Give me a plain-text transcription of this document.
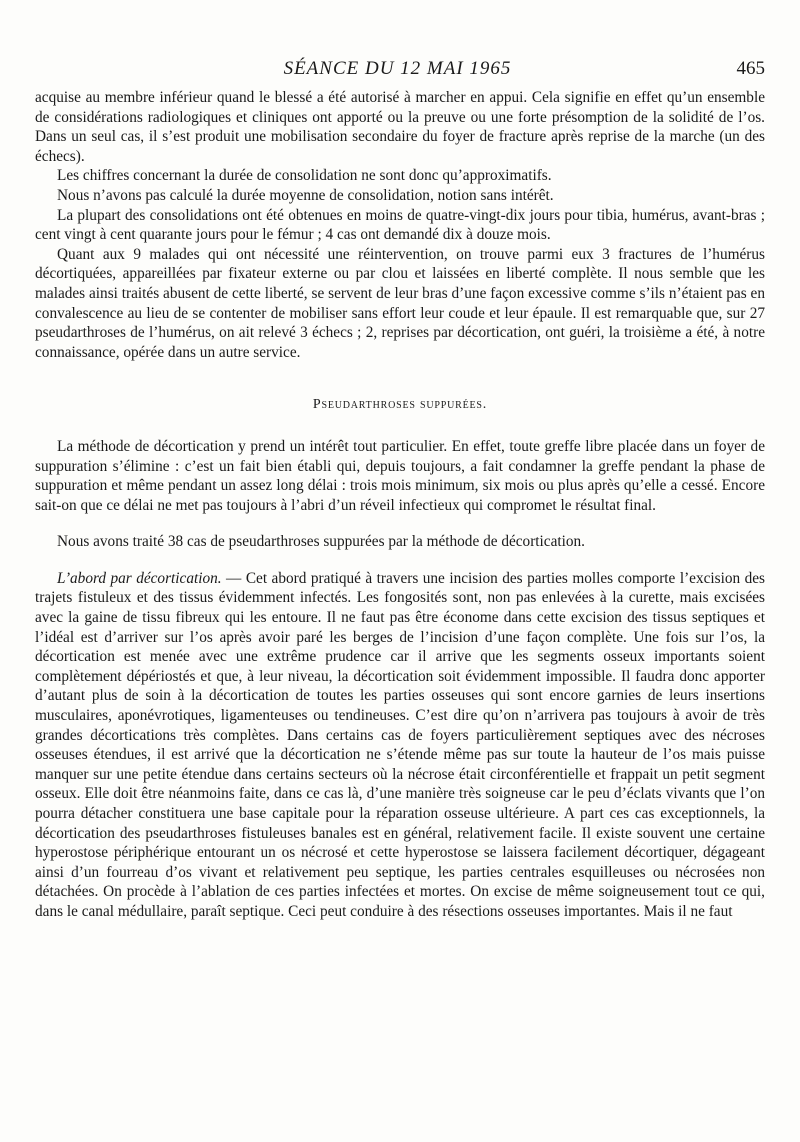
SÉANCE DU 12 MAI 1965	465

acquise au membre inférieur quand le blessé a été autorisé à marcher en appui. Cela signifie en effet qu’un ensemble de considérations radiologiques et cliniques ont apporté ou la preuve ou une forte présomption de la solidité de l’os. Dans un seul cas, il s’est produit une mobilisation secondaire du foyer de fracture après reprise de la marche (un des échecs).

Les chiffres concernant la durée de consolidation ne sont donc qu’approximatifs.

Nous n’avons pas calculé la durée moyenne de consolidation, notion sans intérêt.

La plupart des consolidations ont été obtenues en moins de quatre-vingt-dix jours pour tibia, humérus, avant-bras ; cent vingt à cent quarante jours pour le fémur ; 4 cas ont demandé dix à douze mois.

Quant aux 9 malades qui ont nécessité une réintervention, on trouve parmi eux 3 fractures de l’humérus décortiquées, appareillées par fixateur externe ou par clou et laissées en liberté complète. Il nous semble que les malades ainsi traités abusent de cette liberté, se servent de leur bras d’une façon excessive comme s’ils n’étaient pas en convalescence au lieu de se contenter de mobiliser sans effort leur coude et leur épaule. Il est remarquable que, sur 27 pseudarthroses de l’humérus, on ait relevé 3 échecs ; 2, reprises par décortication, ont guéri, la troisième a été, à notre connaissance, opérée dans un autre service.

Pseudarthroses suppurées.

La méthode de décortication y prend un intérêt tout particulier. En effet, toute greffe libre placée dans un foyer de suppuration s’élimine : c’est un fait bien établi qui, depuis toujours, a fait condamner la greffe pendant la phase de suppuration et même pendant un assez long délai : trois mois minimum, six mois ou plus après qu’elle a cessé. Encore sait-on que ce délai ne met pas toujours à l’abri d’un réveil infectieux qui compromet le résultat final.

Nous avons traité 38 cas de pseudarthroses suppurées par la méthode de décortication.

L’abord par décortication. — Cet abord pratiqué à travers une incision des parties molles comporte l’excision des trajets fistuleux et des tissus évidemment infectés. Les fongosités sont, non pas enlevées à la curette, mais excisées avec la gaine de tissu fibreux qui les entoure. Il ne faut pas être économe dans cette excision des tissus septiques et l’idéal est d’arriver sur l’os après avoir paré les berges de l’incision d’une façon complète. Une fois sur l’os, la décortication est menée avec une extrême prudence car il arrive que les segments osseux importants soient complètement dépériostés et que, à leur niveau, la décortication soit évidemment impossible. Il faudra donc apporter d’autant plus de soin à la décortication de toutes les parties osseuses qui sont encore garnies de leurs insertions musculaires, aponévrotiques, ligamenteuses ou tendineuses. C’est dire qu’on n’arrivera pas toujours à avoir de très grandes décortications très complètes. Dans certains cas de foyers particulièrement septiques avec des nécroses osseuses étendues, il est arrivé que la décortication ne s’étende même pas sur toute la hauteur de l’os mais puisse manquer sur une petite étendue dans certains secteurs où la nécrose était circonférentielle et frappait un petit segment osseux. Elle doit être néanmoins faite, dans ce cas là, d’une manière très soigneuse car le peu d’éclats vivants que l’on pourra détacher constituera une base capitale pour la réparation osseuse ultérieure. A part ces cas exceptionnels, la décortication des pseudarthroses fistuleuses banales est en général, relativement facile. Il existe souvent une certaine hyperostose périphérique entourant un os nécrosé et cette hyperostose se laissera facilement décortiquer, dégageant ainsi d’un fourreau d’os vivant et relativement peu septique, les parties centrales esquilleuses ou nécrosées non détachées. On procède à l’ablation de ces parties infectées et mortes. On excise de même soigneusement tout ce qui, dans le canal médullaire, paraît septique. Ceci peut conduire à des résections osseuses importantes. Mais il ne faut
